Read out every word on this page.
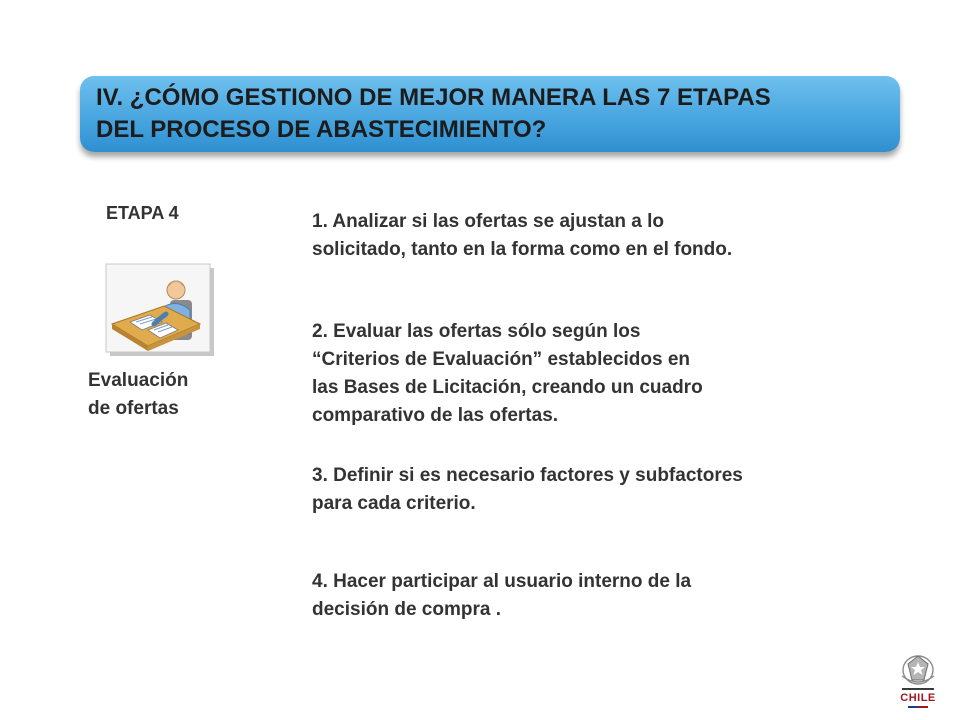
IV. ¿CÓMO GESTIONO DE MEJOR MANERA LAS 7 ETAPAS
DEL PROCESO DE ABASTECIMIENTO?
ETAPA 4
Evaluación
de ofertas
1. Analizar si las ofertas se ajustan a lo
solicitado, tanto en la forma como en el fondo.
2. Evaluar las ofertas sólo según los
“Criterios de Evaluación” establecidos en
las Bases de Licitación, creando un cuadro
comparativo de las ofertas.
3. Definir si es necesario factores y subfactores
para cada criterio.
4. Hacer participar al usuario interno de la
decisión de compra .
CHILE
